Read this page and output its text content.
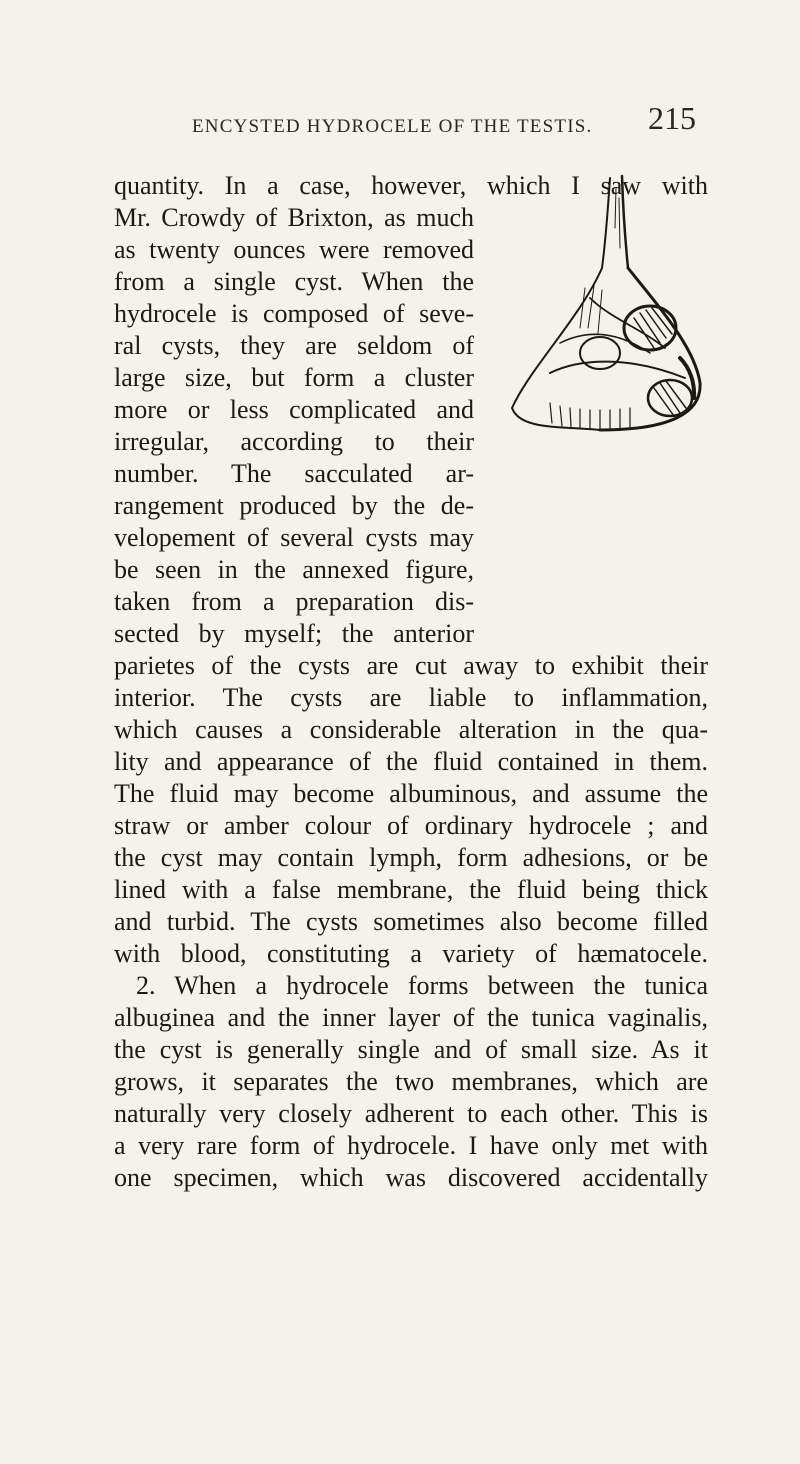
ENCYSTED HYDROCELE OF THE TESTIS. 215
quantity. In a case, however, which I saw with
Mr. Crowdy of Brixton, as much
as twenty ounces were removed
from a single cyst. When the
hydrocele is composed of seve-
ral cysts, they are seldom of
large size, but form a cluster
more or less complicated and
irregular, according to their
number. The sacculated ar-
rangement produced by the de-
velopement of several cysts may
be seen in the annexed figure,
taken from a preparation dis-
sected by myself; the anterior
parietes of the cysts are cut away to exhibit their
interior. The cysts are liable to inflammation,
which causes a considerable alteration in the qua-
lity and appearance of the fluid contained in them.
The fluid may become albuminous, and assume the
straw or amber colour of ordinary hydrocele ; and
the cyst may contain lymph, form adhesions, or be
lined with a false membrane, the fluid being thick
and turbid. The cysts sometimes also become filled
with blood, constituting a variety of hæmatocele.
2. When a hydrocele forms between the tunica
albuginea and the inner layer of the tunica vaginalis,
the cyst is generally single and of small size. As it
grows, it separates the two membranes, which are
naturally very closely adherent to each other. This is
a very rare form of hydrocele. I have only met with
one specimen, which was discovered accidentally
